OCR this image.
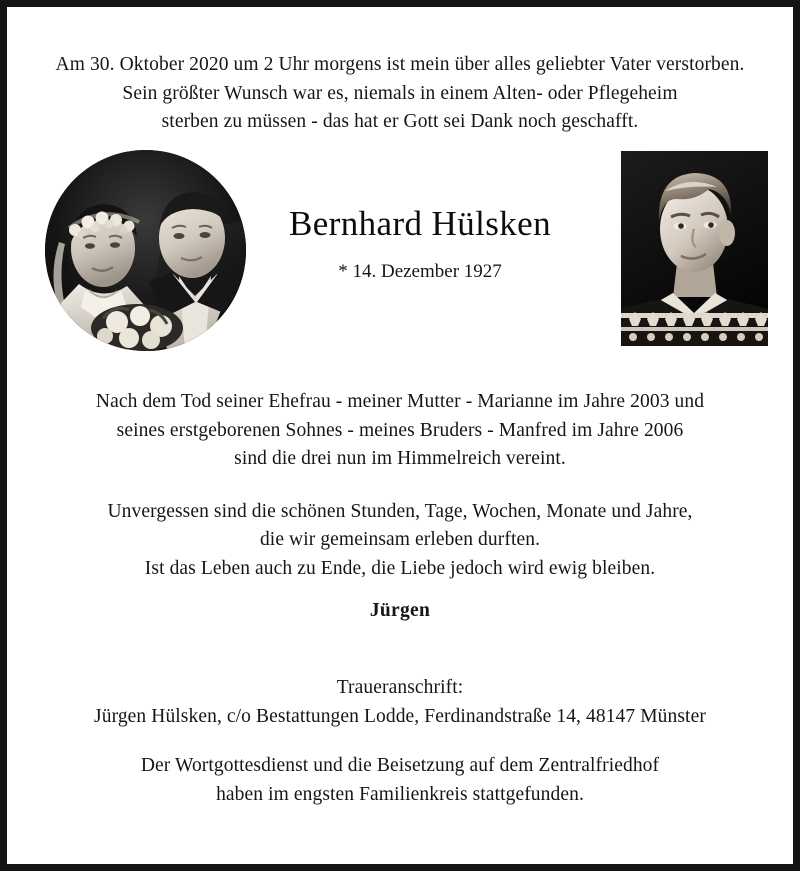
Am 30. Oktober 2020 um 2 Uhr morgens ist mein über alles geliebter Vater verstorben.
Sein größter Wunsch war es, niemals in einem Alten- oder Pflegeheim
sterben zu müssen - das hat er Gott sei Dank noch geschafft.
Bernhard Hülsken
* 14. Dezember 1927
Nach dem Tod seiner Ehefrau - meiner Mutter - Marianne im Jahre 2003 und
seines erstgeborenen Sohnes - meines Bruders - Manfred im Jahre 2006
sind die drei nun im Himmelreich vereint.
Unvergessen sind die schönen Stunden, Tage, Wochen, Monate und Jahre,
die wir gemeinsam erleben durften.
Ist das Leben auch zu Ende, die Liebe jedoch wird ewig bleiben.
Jürgen
Traueranschrift:
Jürgen Hülsken, c/o Bestattungen Lodde, Ferdinandstraße 14, 48147 Münster
Der Wortgottesdienst und die Beisetzung auf dem Zentralfriedhof
haben im engsten Familienkreis stattgefunden.
